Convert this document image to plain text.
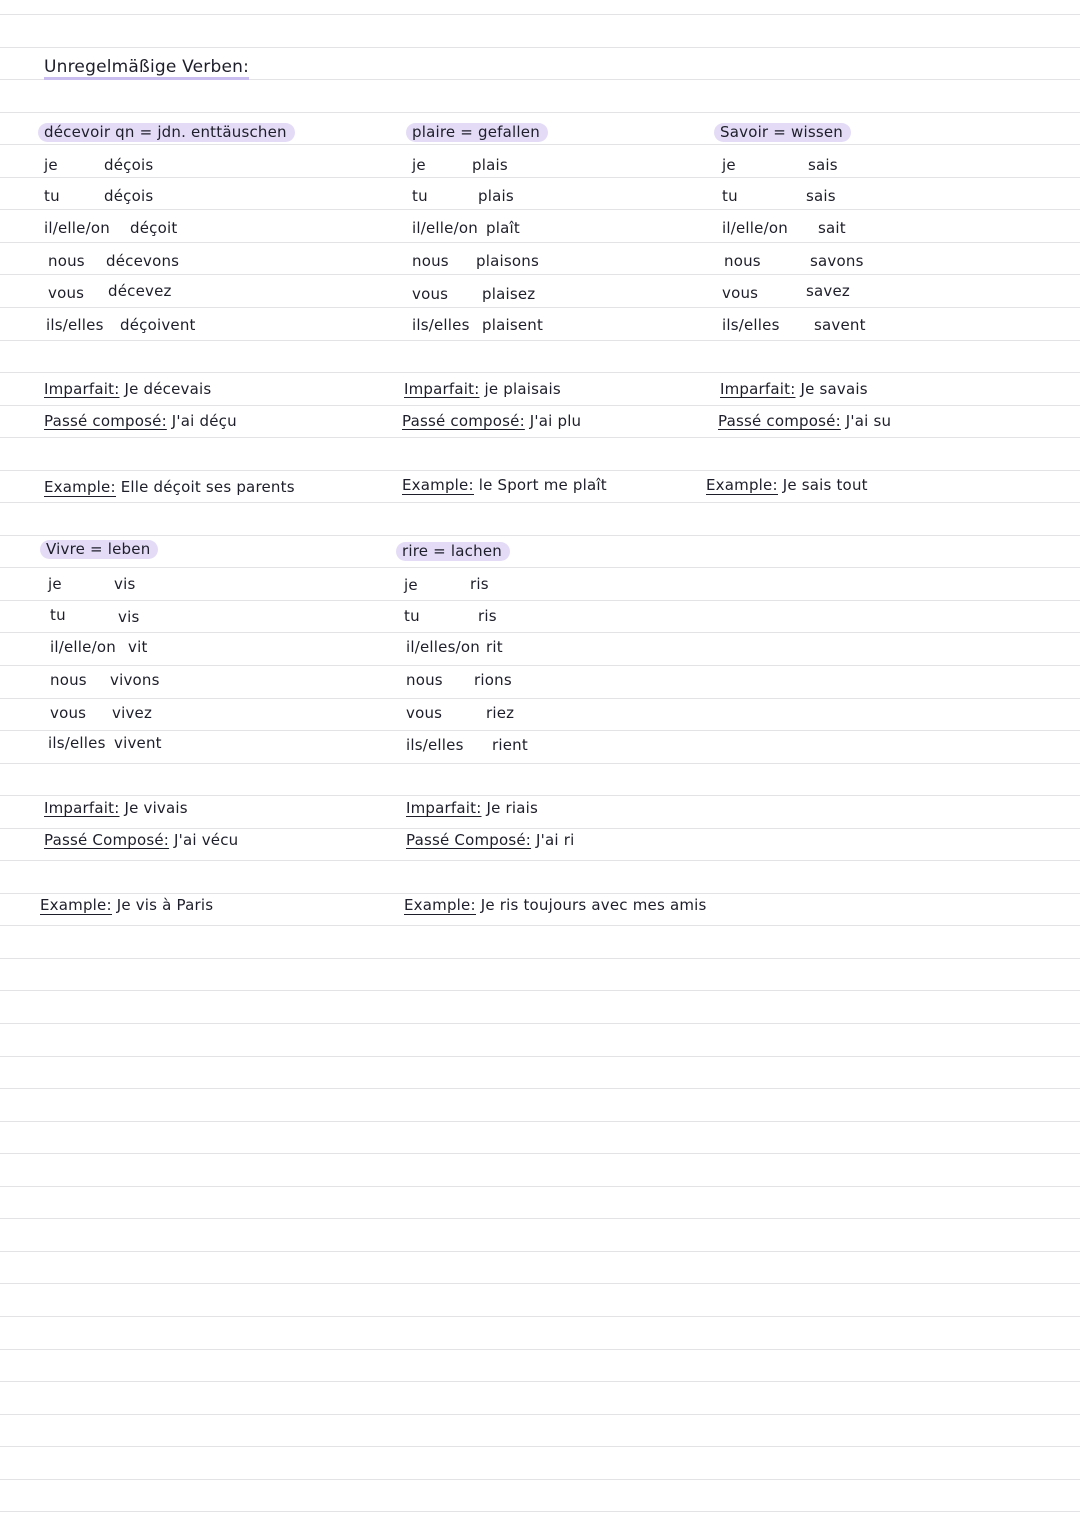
Unregelmäßige Verben:
décevoir qn = jdn. enttäuschen
je	déçois
tu	déçois
il/elle/on déçoit
nous décevons
vous décevez
ils/elles déçoivent
Imparfait: Je décevais
Passé composé: J'ai déçu
Example: Elle déçoit ses parents
plaire = gefallen
je	plais
tu	plais
il/elle/on plaît
nous plaisons
vous plaisez
ils/elles plaisent
Imparfait: je plaisais
Passé composé: J'ai plu
Example: le Sport me plaît
Savoir = wissen
je	sais
tu	sais
il/elle/on sait
nous	savons
vous	savez
ils/elles savent
Imparfait: Je savais
Passé composé: J'ai su
Example: Je sais tout
Vivre = leben
je	vis
tu	vis
il/elle/on vit
nous vivons
vous vivez
ils/elles vivent
Imparfait: Je vivais
Passé Composé: J'ai vécu
Example: Je vis à Paris
rire = lachen
je	ris
tu	ris
il/elles/on rit
nous rions
vous	riez
ils/elles rient
Imparfait: Je riais
Passé Composé: J'ai ri
Example: Je ris toujours avec mes amis
